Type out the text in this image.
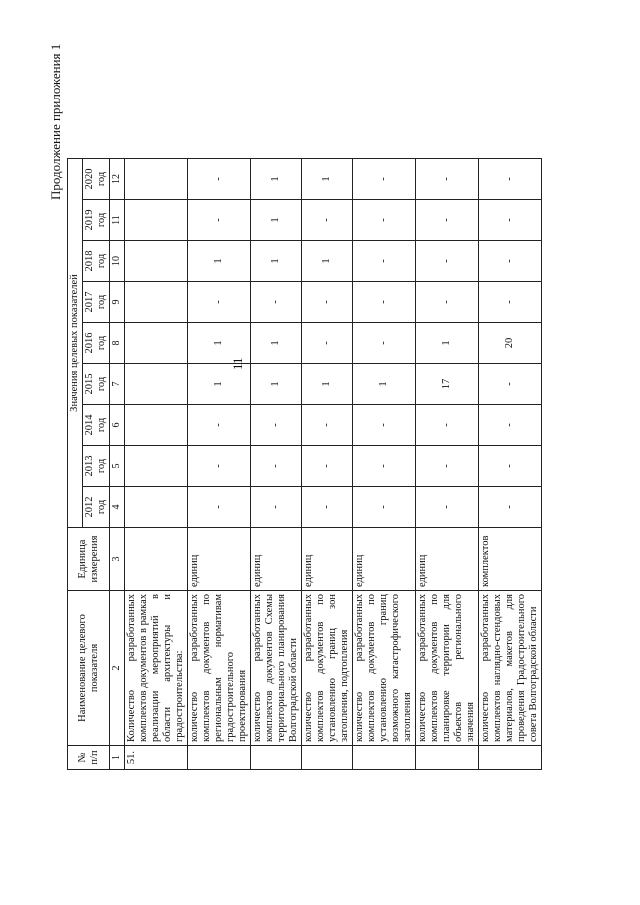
11
Продолжение приложения 1
№ п/п	Наименование целевого показателя	Единица измерения	Значения целевых показателей								
			2012 год	2013 год	2014 год	2015 год	2016 год	2017 год	2018 год	2019 год	2020 год
1	2	3	4	5	6	7	8	9	10	11	12
51.	Количество разработанных комплектов документов в рамках реализации мероприятий в области архитектуры и градостроительства:										
	количество разработанных комплектов документов по региональным нормативам градостроительного проектирования	единиц	-	-	-	1	1	-	1	-	-
	количество разработанных комплектов документов Схемы территориального планирования Волгоградской области	единиц	-	-	-	1	1	-	1	1	1
	количество разработанных комплектов документов по установлению границ зон затопления, подтопления	единиц	-	-	-	1	-	-	1	-	1
	количество разработанных комплектов документов по установлению границ возможного катастрофического затопления	единиц	-	-	-	1	-	-	-	-	-
	количество разработанных комплектов документов по планировке территории для объектов регионального значения	единиц	-	-	-	17	1	-	-	-	-
	количество разработанных комплектов наглядно-стендовых материалов, макетов для проведения Градостроительного совета Волгоградской области	комплектов	-	-	-	-	20	-	-	-	-
